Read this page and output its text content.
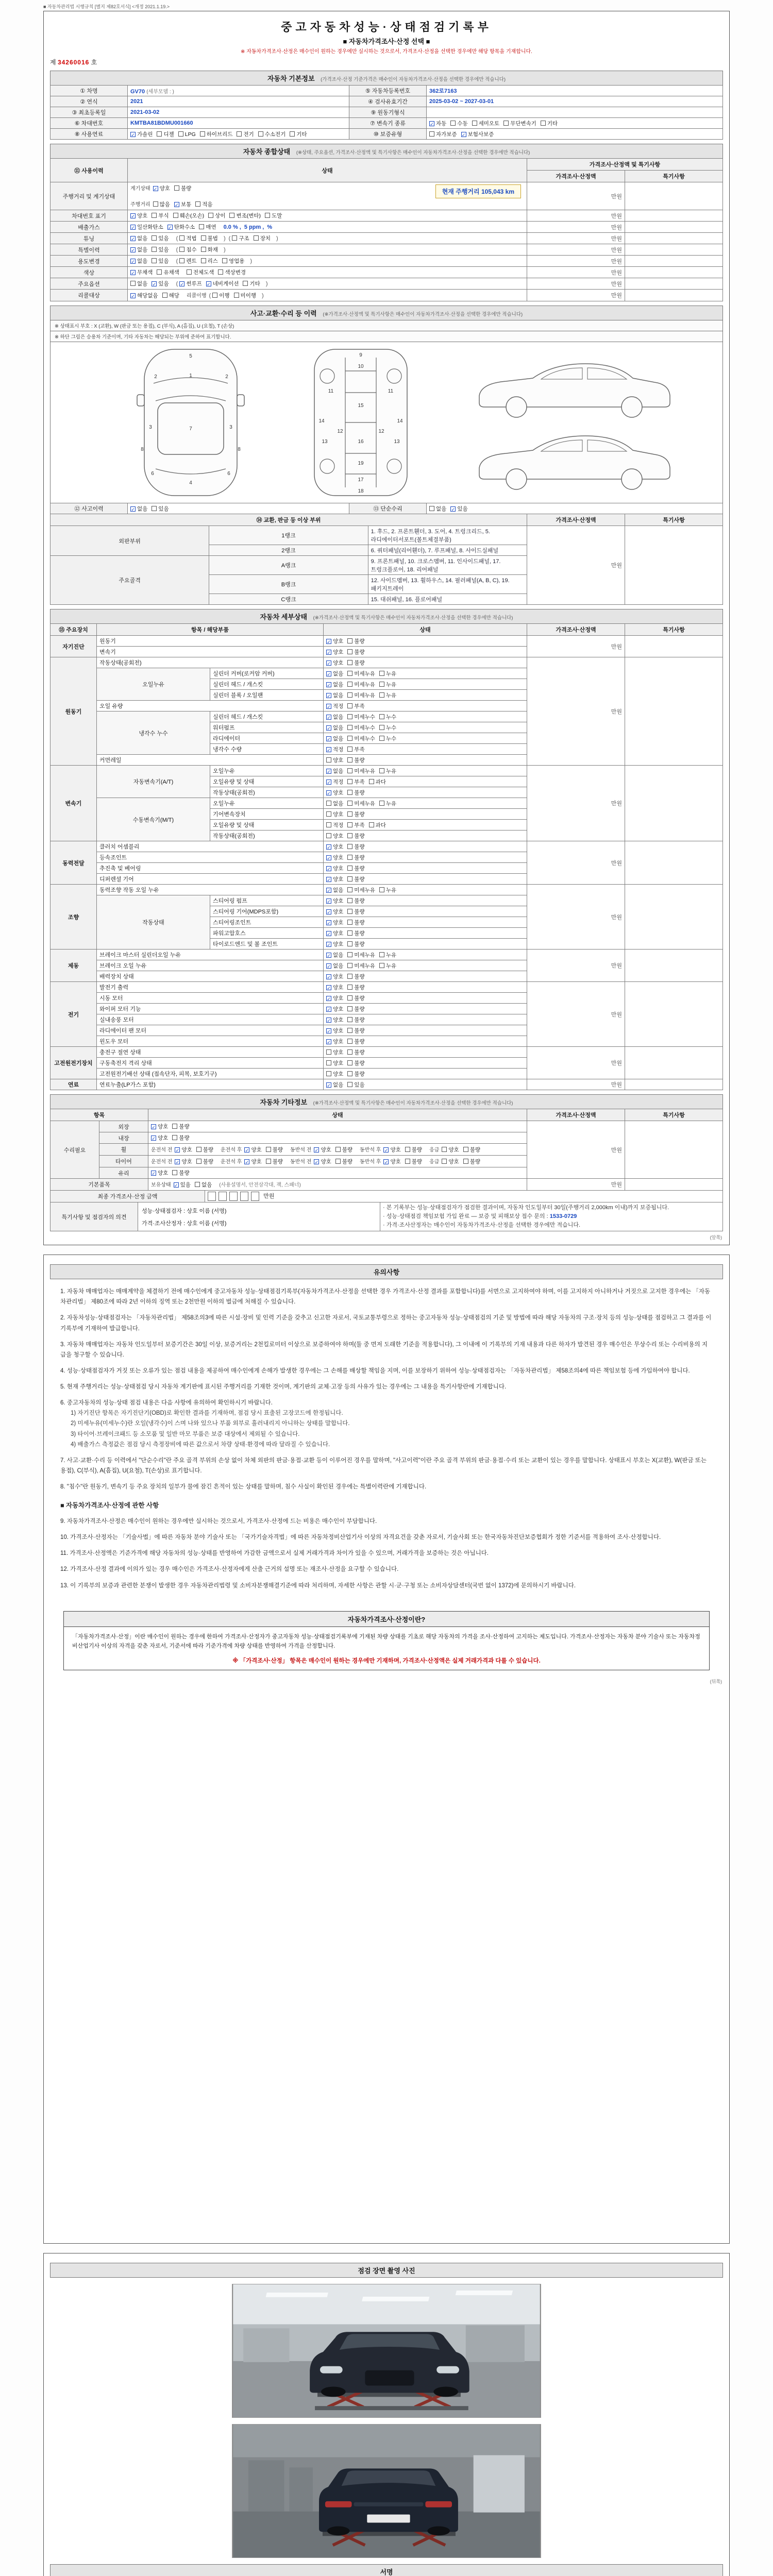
■ 자동차관리법 시행규칙 [별지 제82호서식] <개정 2021.1.19.>
중고자동차성능·상태점검기록부
■ 자동차가격조사·산정 선택 ■
※ 자동차가격조사·산정은 매수인이 원하는 경우에만 실시하는 것으로서, 가격조사·산정을 선택한 경우에만 해당 항목을 기재합니다.
제 34260016 호
자동차 기본정보 (가격조사·산정 기준가격은 매수인이 자동차가격조사·산정을 선택한 경우에만 적습니다)
① 차명	GV70 (세부모델 : )	⑤ 자동차등록번호	362로7163
② 연식	2021	④ 검사유효기간	2025-03-02 ~ 2027-03-01
③ 최초등록일	2021-03-02	⑨ 원동기형식	
⑥ 차대번호	KMTBA81BDMU001660	⑦ 변속기 종류	✓ 자동 수동 세미오토 무단변속기 기타
⑧ 사용연료	✓ 가솔린 디젤 LPG 하이브리드 전기 수소전기 기타	⑩ 보증유형	자가보증 ✓ 보험사보증
자동차 종합상태 (※상태, 주요옵션, 가격조사·산정액 및 특기사항은 매수인이 자동차가격조사·산정을 선택한 경우에만 적습니다)
⑪ 사용이력	상태	가격조사·산정액 및 특기사항	
		가격조사·산정액	특기사항
주행거리 및 계기상태	계기상태 ✓ 양호 불량 현재 주행거리 105,043 km
주행거리 많음 ✓ 보통 적음	만원	
차대번호 표기	✓ 양호 부식 훼손(오손) 상이 변조(변타) 도말	만원	
배출가스	✓ 일산화탄소 ✓ 탄화수소 매연 0.0 % , 5 ppm , %	만원	
튜닝	✓ 없음 있음 ( 적법 불법 ) ( 구조 장치 )	만원	
특별이력	✓ 없음 있음 ( 침수 화재 )	만원	
용도변경	✓ 없음 있음 ( 렌트 리스 영업용 )	만원	
색상	✓ 무채색 유채색 전체도색 색상변경	만원	
주요옵션	없음 ✓ 있음 ( ✓ 썬루프 ✓ 네비게이션 기타 )	만원	
리콜대상	✓ 해당없음 해당 리콜이행 ( 이행 미이행 )	만원	
사고·교환·수리 등 이력 (※가격조사·산정액 및 특기사항은 매수인이 자동차가격조사·산정을 선택한 경우에만 적습니다)
※ 상태표시 부호 : X (교환), W (판금 또는 용접), C (부식), A (흠집), U (요철), T (손상)
※ 하단 그림은 승용차 기준이며, 기타 자동차는 해당되는 부위에 준하여 표기합니다.
5
1
2	2
3	3
7
6	6
4
8	8
9
10
11	11
15
12	12
13	13
16
14	14
19
17
18
⑫ 사고이력	✓ 없음 있음	⑬ 단순수리	없음 ✓ 있음
⑭ 교환, 판금 등 이상 부위			가격조사·산정액	특기사항
외판부위	1랭크	1. 후드, 2. 프론트휀더, 3. 도어, 4. 트렁크리드, 5. 라디에이터서포트(볼트체결부품)	만원	
	2랭크	6. 쿼터패널(리어휀더), 7. 루프패널, 8. 사이드실패널		
주요골격	A랭크	9. 프론트패널, 10. 크로스멤버, 11. 인사이드패널, 17. 트렁크플로어, 18. 리어패널		
	B랭크	12. 사이드멤버, 13. 휠하우스, 14. 필러패널(A, B, C), 19. 패키지트레이		
	C랭크	15. 대쉬패널, 16. 플로어패널		
자동차 세부상태 (※가격조사·산정액 및 특기사항은 매수인이 자동차가격조사·산정을 선택한 경우에만 적습니다)
⑮ 주요장치	항목 / 해당부품		상태	가격조사·산정액	특기사항
자기진단	원동기		✓ 양호 불량	만원	
	변속기		✓ 양호 불량		
원동기	작동상태(공회전)		✓ 양호 불량	만원	
	오일누유	실린더 커버(로커암 커버)	✓ 없음 미세누유 누유		
		실린더 헤드 / 개스킷	✓ 없음 미세누유 누유		
		실린더 블록 / 오일팬	✓ 없음 미세누유 누유		
	오일 유량		✓ 적정 부족		
	냉각수 누수	실린더 헤드 / 개스킷	✓ 없음 미세누수 누수		
		워터펌프	✓ 없음 미세누수 누수		
		라디에이터	✓ 없음 미세누수 누수		
		냉각수 수량	✓ 적정 부족		
	커먼레일		양호 불량		
변속기	자동변속기(A/T)	오일누유	✓ 없음 미세누유 누유	만원	
		오일유량 및 상태	✓ 적정 부족 과다		
		작동상태(공회전)	✓ 양호 불량		
	수동변속기(M/T)	오일누유	없음 미세누유 누유		
		기어변속장치	양호 불량		
		오일유량 및 상태	적정 부족 과다		
		작동상태(공회전)	양호 불량		
동력전달	클러치 어셈블리		✓ 양호 불량	만원	
	등속조인트		✓ 양호 불량		
	추진축 및 베어링		✓ 양호 불량		
	디퍼렌셜 기어		✓ 양호 불량		
조향	동력조향 작동 오일 누유		✓ 없음 미세누유 누유	만원	
	작동상태	스티어링 펌프	✓ 양호 불량		
		스티어링 기어(MDPS포함)	✓ 양호 불량		
		스티어링조인트	✓ 양호 불량		
		파워고압호스	✓ 양호 불량		
		타이로드엔드 및 볼 조인트	✓ 양호 불량		
제동	브레이크 마스터 실린더오일 누유		✓ 없음 미세누유 누유	만원	
	브레이크 오일 누유		✓ 없음 미세누유 누유		
	배력장치 상태		✓ 양호 불량		
전기	발전기 출력		✓ 양호 불량	만원	
	시동 모터		✓ 양호 불량		
	와이퍼 모터 기능		✓ 양호 불량		
	실내송풍 모터		✓ 양호 불량		
	라디에이터 팬 모터		✓ 양호 불량		
	윈도우 모터		✓ 양호 불량		
고전원전기장치	충전구 절연 상태		양호 불량	만원	
	구동축전지 격리 상태		양호 불량		
	고전원전기배선 상태 (접속단자, 피복, 보호기구)		양호 불량		
연료	연료누출(LP가스 포함)		✓ 없음 있음	만원	
자동차 기타정보 (※가격조사·산정액 및 특기사항은 매수인이 자동차가격조사·산정을 선택한 경우에만 적습니다)
항목		상태	가격조사·산정액	특기사항
수리필요	외장	✓ 양호 불량	만원	
	내장	✓ 양호 불량		

	휠	운전석 전 ✓ 양호 불량 운전석 후 ✓ 양호 불량 동반석 전 ✓ 양호 불량 동반석 후 ✓ 양호 불량 응급 양호 불량		

	타이어	운전석 전 ✓ 양호 불량 운전석 후 ✓ 양호 불량 동반석 전 ✓ 양호 불량 동반석 후 ✓ 양호 불량 응급 양호 불량		

	유리	✓ 양호 불량		

기본품목		보유상태 ✓ 있음 없음 (사용설명서, 안전삼각대, 잭, 스패너)	만원	
최종 가격조사·산정 금액	만원
특기사항 및 점검자의 의견	
성능·상태점검자 : 상호 이름 (서명)
가격·조사산정자 : 상호 이름 (서명)

· 본 기록부는 성능·상태점검자가 점검한 결과이며, 자동차 인도일부터 30일(주행거리 2,000km 이내)까지 보증됩니다.
· 성능·상태점검 책임보험 가입 완료 — 보증 및 피해보상 접수 문의 : 1533-0729
· 가격·조사산정자는 매수인이 자동차가격조사·산정을 선택한 경우에만 적습니다.
(앞쪽)
유의사항
1. 자동차 매매업자는 매매계약을 체결하기 전에 매수인에게 중고자동차 성능·상태점검기록부(자동차가격조사·산정을 선택한 경우 가격조사·산정 결과를 포함합니다)를 서면으로 고지하여야 하며, 이를 고지하지 아니하거나 거짓으로 고지한 경우에는 「자동차관리법」 제80조에 따라 2년 이하의 징역 또는 2천만원 이하의 벌금에 처해질 수 있습니다.
2. 자동차성능·상태점검자는 「자동차관리법」 제58조의3에 따른 시설·장비 및 인력 기준을 갖추고 신고한 자로서, 국토교통부령으로 정하는 중고자동차 성능·상태점검의 기준 및 방법에 따라 해당 자동차의 구조·장치 등의 성능·상태를 점검하고 그 결과를 이 기록부에 기재하여 발급합니다.
3. 자동차 매매업자는 자동차 인도일부터 보증기간은 30일 이상, 보증거리는 2천킬로미터 이상으로 보증하여야 하며(둘 중 먼저 도래한 기준을 적용합니다), 그 이내에 이 기록부의 기재 내용과 다른 하자가 발견된 경우 매수인은 무상수리 또는 수리비용의 지급을 청구할 수 있습니다.
4. 성능·상태점검자가 거짓 또는 오류가 있는 점검 내용을 제공하여 매수인에게 손해가 발생한 경우에는 그 손해를 배상할 책임을 지며, 이를 보장하기 위하여 성능·상태점검자는 「자동차관리법」 제58조의4에 따른 책임보험 등에 가입하여야 합니다.
5. 현재 주행거리는 성능·상태점검 당시 자동차 계기판에 표시된 주행거리를 기재한 것이며, 계기판의 교체·고장 등의 사유가 있는 경우에는 그 내용을 특기사항란에 기재합니다.
6. 중고자동차의 성능·상태 점검 내용은 다음 사항에 유의하여 확인하시기 바랍니다.
1) 자기진단 항목은 자기진단기(OBD)로 확인한 결과를 기재하며, 점검 당시 표출된 고장코드에 한정됩니다.
2) 미세누유(미세누수)란 오일(냉각수)이 스며 나와 있으나 부품 외부로 흘러내리지 아니하는 상태를 말합니다.
3) 타이어·브레이크패드 등 소모품 및 일반 마모 부품은 보증 대상에서 제외될 수 있습니다.
4) 배출가스 측정값은 점검 당시 측정장비에 따른 값으로서 차량 상태·환경에 따라 달라질 수 있습니다.
7. 사고·교환·수리 등 이력에서 "단순수리"란 주요 골격 부위의 손상 없이 차체 외판의 판금·용접·교환 등이 이루어진 경우를 말하며, "사고이력"이란 주요 골격 부위의 판금·용접·수리 또는 교환이 있는 경우를 말합니다. 상태표시 부호는 X(교환), W(판금 또는 용접), C(부식), A(흠집), U(요철), T(손상)로 표기합니다.
8. "침수"란 원동기, 변속기 등 주요 장치의 일부가 물에 잠긴 흔적이 있는 상태를 말하며, 침수 사실이 확인된 경우에는 특별이력란에 기재합니다.
■ 자동차가격조사·산정에 관한 사항
9. 자동차가격조사·산정은 매수인이 원하는 경우에만 실시하는 것으로서, 가격조사·산정에 드는 비용은 매수인이 부담합니다.
10. 가격조사·산정자는 「기술사법」에 따른 자동차 분야 기술사 또는 「국가기술자격법」에 따른 자동차정비산업기사 이상의 자격요건을 갖춘 자로서, 기술사회 또는 한국자동차진단보증협회가 정한 기준서를 적용하여 조사·산정합니다.
11. 가격조사·산정액은 기준가격에 해당 자동차의 성능·상태를 반영하여 가감한 금액으로서 실제 거래가격과 차이가 있을 수 있으며, 거래가격을 보증하는 것은 아닙니다.
12. 가격조사·산정 결과에 이의가 있는 경우 매수인은 가격조사·산정자에게 산출 근거의 설명 또는 재조사·산정을 요구할 수 있습니다.
13. 이 기록부의 보증과 관련한 분쟁이 발생한 경우 자동차관리법령 및 소비자분쟁해결기준에 따라 처리하며, 자세한 사항은 관할 시·군·구청 또는 소비자상담센터(국번 없이 1372)에 문의하시기 바랍니다.
자동차가격조사·산정이란?
「자동차가격조사·산정」이란 매수인이 원하는 경우에 한하여 가격조사·산정자가 중고자동차 성능·상태점검기록부에 기재된 차량 상태를 기초로 해당 자동차의 가격을 조사·산정하여 고지하는 제도입니다. 가격조사·산정자는 자동차 분야 기술사 또는 자동차정비산업기사 이상의 자격을 갖춘 자로서, 기준서에 따라 기준가격에 차량 상태를 반영하여 가격을 산정합니다.
※ 「가격조사·산정」 항목은 매수인이 원하는 경우에만 기재하며, 가격조사·산정액은 실제 거래가격과 다를 수 있습니다.
(뒤쪽)
점검 장면 촬영 사진
서명
